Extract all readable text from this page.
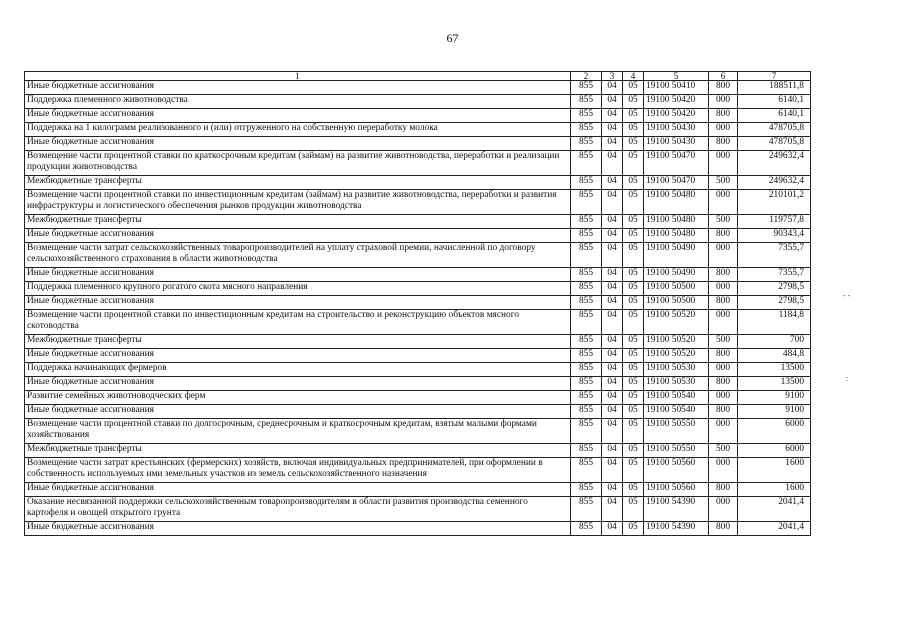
67
1	2	3	4	5	6	7
Иные бюджетные ассигнования	855	04	05	19100 50410	800	188511,8
Поддержка племенного животноводства	855	04	05	19100 50420	000	6140,1
Иные бюджетные ассигнования	855	04	05	19100 50420	800	6140,1
Поддержка на 1 килограмм реализованного и (или) отгруженного на собственную переработку молока	855	04	05	19100 50430	000	478705,8
Иные бюджетные ассигнования	855	04	05	19100 50430	800	478705,8
Возмещение части процентной ставки по краткосрочным кредитам (займам) на развитие животноводства, переработки и реализации продукции животноводства	855	04	05	19100 50470	000	249632,4
Межбюджетные трансферты	855	04	05	19100 50470	500	249632,4
Возмещение части процентной ставки по инвестиционным кредитам (займам) на развитие животноводства, переработки и развития инфраструктуры и логистического обеспечения рынков продукции животноводства	855	04	05	19100 50480	000	210101,2
Межбюджетные трансферты	855	04	05	19100 50480	500	119757,8
Иные бюджетные ассигнования	855	04	05	19100 50480	800	90343,4
Возмещение части затрат сельскохозяйственных товаропроизводителей на уплату страховой премии, начисленной по договору сельскохозяйственного страхования в области животноводства	855	04	05	19100 50490	000	7355,7
Иные бюджетные ассигнования	855	04	05	19100 50490	800	7355,7
Поддержка племенного крупного рогатого скота мясного направления	855	04	05	19100 50500	000	2798,5
Иные бюджетные ассигнования	855	04	05	19100 50500	800	2798,5
Возмещение части процентной ставки по инвестиционным кредитам на строительство и реконструкцию объектов мясного скотоводства	855	04	05	19100 50520	000	1184,8
Межбюджетные трансферты	855	04	05	19100 50520	500	700
Иные бюджетные ассигнования	855	04	05	19100 50520	800	484,8
Поддержка начинающих фермеров	855	04	05	19100 50530	000	13500
Иные бюджетные ассигнования	855	04	05	19100 50530	800	13500
Развитие семейных животноводческих ферм	855	04	05	19100 50540	000	9100
Иные бюджетные ассигнования	855	04	05	19100 50540	800	9100
Возмещение части процентной ставки по долгосрочным, среднесрочным и краткосрочным кредитам, взятым малыми формами хозяйствования	855	04	05	19100 50550	000	6000
Межбюджетные трансферты	855	04	05	19100 50550	500	6000
Возмещение части затрат крестьянских (фермерских) хозяйств, включая индивидуальных предпринимателей, при оформлении в собственность используемых ими земельных участков из земель сельскохозяйственного назначения	855	04	05	19100 50560	000	1600
Иные бюджетные ассигнования	855	04	05	19100 50560	800	1600
Оказание несвязанной поддержки сельскохозяйственным товаропроизводителям в области развития производства семенного картофеля и овощей открытого грунта	855	04	05	19100 54390	000	2041,4
Иные бюджетные ассигнования	855	04	05	19100 54390	800	2041,4
- -
:
